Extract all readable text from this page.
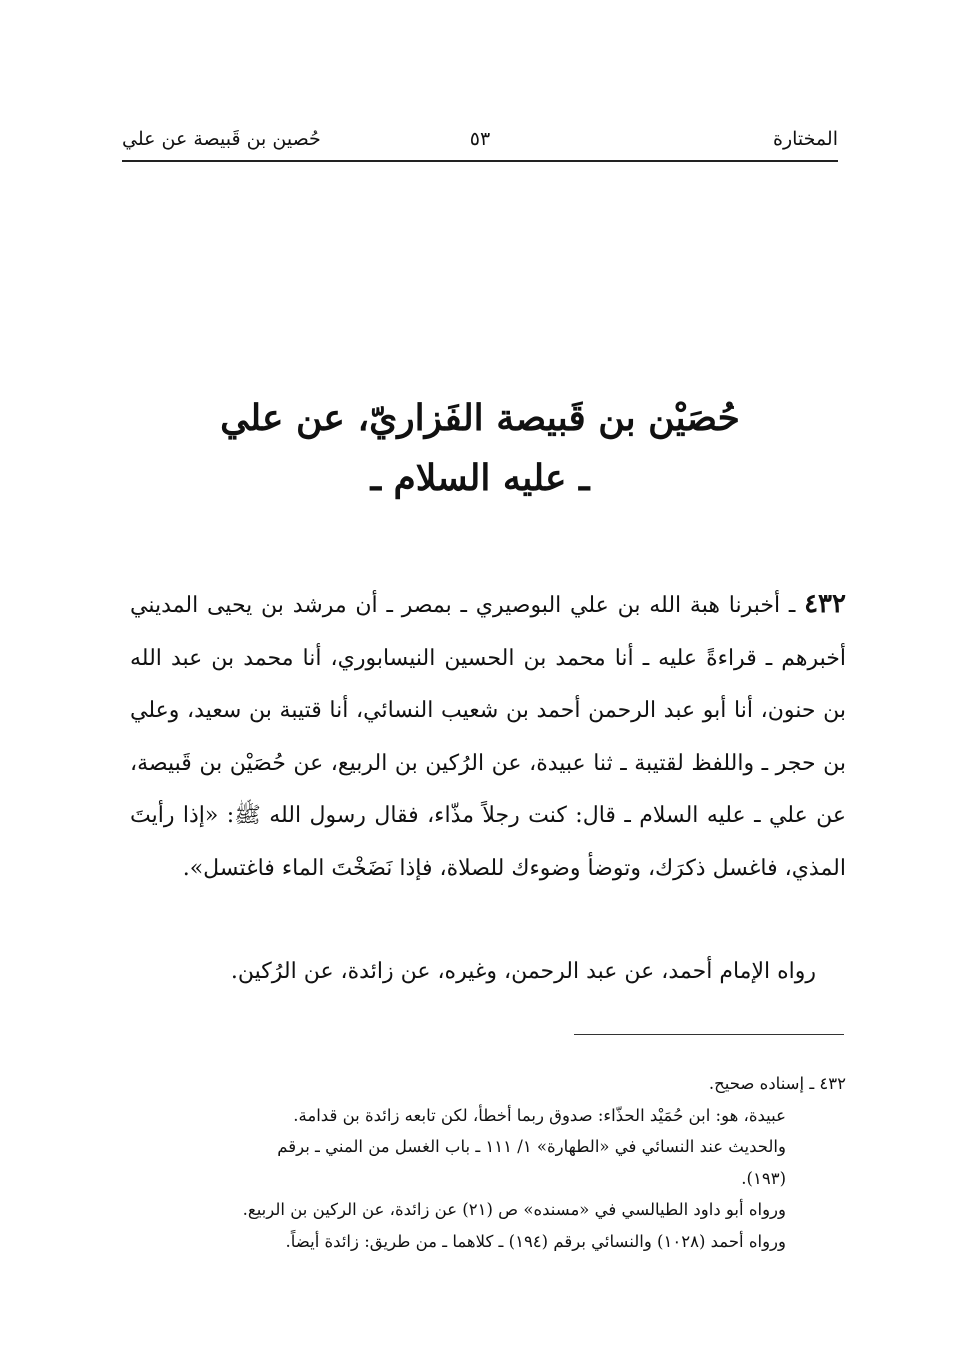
المختارة
٥٣
حُصين بن قَبيصة عن علي
حُصَيْن بن قَبيصة الفَزاريّ، عن علي
ـ عليه السلام ـ
٤٣٢ ـ أخبرنا هبة الله بن علي البوصيري ـ بمصر ـ أن مرشد بن يحيى المديني أخبرهم ـ قراءةً عليه ـ أنا محمد بن الحسين النيسابوري، أنا محمد بن عبد الله بن حنون، أنا أبو عبد الرحمن أحمد بن شعيب النسائي، أنا قتيبة بن سعيد، وعلي بن حجر ـ واللفظ لقتيبة ـ ثنا عبيدة، عن الرُكين بن الربيع، عن حُصَيْن بن قَبيصة، عن علي ـ عليه السلام ـ قال: كنت رجلاً مذّاء، فقال رسول الله ﷺ: «إذا رأيتَ المذي، فاغسل ذكرَك، وتوضأ وضوءك للصلاة، فإذا نَضَخْتَ الماء فاغتسل».
رواه الإمام أحمد، عن عبد الرحمن، وغيره، عن زائدة، عن الرُكين.
٤٣٢ ـ إسناده صحيح.
عبيدة، هو: ابن حُمَيْد الحذّاء: صدوق ربما أخطأ، لكن تابعه زائدة بن قدامة.
والحديث عند النسائي في «الطهارة» ١/ ١١١ ـ باب الغسل من المني ـ برقم
(١٩٣).
ورواه أبو داود الطيالسي في «مسنده» ص (٢١) عن زائدة، عن الركين بن الربيع.
ورواه أحمد (١٠٢٨) والنسائي برقم (١٩٤) ـ كلاهما ـ من طريق: زائدة أيضاً.
